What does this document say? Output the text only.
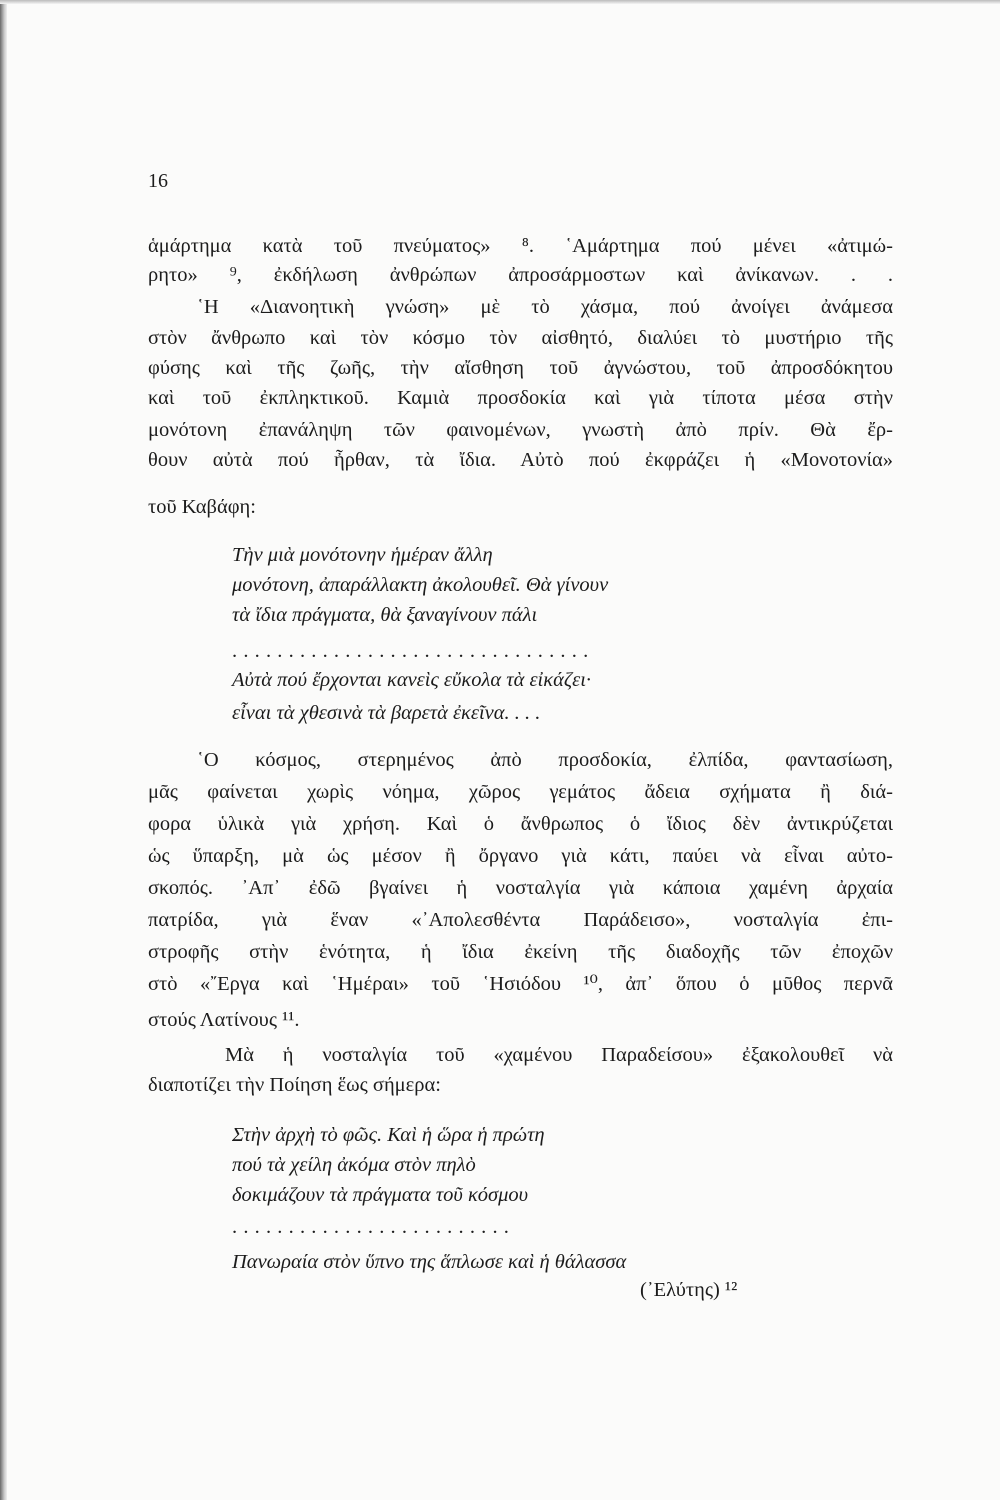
16
ἁμάρτημα κατὰ τοῦ πνεύματος» ⁸. ῾Αμάρτημα πού μένει «ἀτιμώ-
ρητο» ⁹, ἐκδήλωση ἀνθρώπων ἀπροσάρμοστων καὶ ἀνίκανων. . .
῾Η «Διανοητικὴ γνώση» μὲ τὸ χάσμα, πού ἀνοίγει ἀνάμεσα
στὸν ἄνθρωπο καὶ τὸν κόσμο τὸν αἰσθητό, διαλύει τὸ μυστήριο τῆς
φύσης καὶ τῆς ζωῆς, τὴν αἴσθηση τοῦ ἀγνώστου, τοῦ ἀπροσδόκητου
καὶ τοῦ ἐκπληκτικοῦ. Καμιὰ προσδοκία καὶ γιὰ τίποτα μέσα στὴν
μονότονη ἐπανάληψη τῶν φαινομένων, γνωστὴ ἀπὸ πρίν. Θὰ ἔρ-
θουν αὐτὰ πού ἦρθαν, τὰ ἴδια. Αὐτὸ πού ἐκφράζει ἡ «Μονοτονία»
τοῦ Καβάφη:
Τὴν μιὰ μονότονην ἡμέραν ἄλλη
μονότονη, ἀπαράλλακτη ἀκολουθεῖ. Θὰ γίνουν
τὰ ἴδια πράγματα, θὰ ξαναγίνουν πάλι
................................
Αὐτὰ πού ἔρχονται κανεὶς εὔκολα τὰ εἰκάζει·
εἶναι τὰ χθεσινὰ τὰ βαρετὰ ἐκεῖνα. . . .
῾Ο κόσμος, στερημένος ἀπὸ προσδοκία, ἐλπίδα, φαντασίωση,
μᾶς φαίνεται χωρὶς νόημα, χῶρος γεμάτος ἄδεια σχήματα ἢ διά-
φορα ὑλικὰ γιὰ χρήση. Καὶ ὁ ἄνθρωπος ὁ ἴδιος δὲν ἀντικρύζεται
ὡς ὕπαρξη, μὰ ὡς μέσον ἢ ὄργανο γιὰ κάτι, παύει νὰ εἶναι αὐτο-
σκοπός. ᾿Απ᾿ ἐδῶ βγαίνει ἡ νοσταλγία γιὰ κάποια χαμένη ἀρχαία
πατρίδα, γιὰ ἕναν «᾿Απολεσθέντα Παράδεισο», νοσταλγία ἐπι-
στροφῆς στὴν ἑνότητα, ἡ ἴδια ἐκείνη τῆς διαδοχῆς τῶν ἐποχῶν
στὸ «῎Εργα καὶ ῾Ημέραι» τοῦ ῾Ησιόδου ¹⁰, ἀπ᾿ ὅπου ὁ μῦθος περνᾶ
στούς Λατίνους ¹¹.
Μὰ ἡ νοσταλγία τοῦ «χαμένου Παραδείσου» ἐξακολουθεῖ νὰ
διαποτίζει τὴν Ποίηση ἕως σήμερα:
Στὴν ἀρχὴ τὸ φῶς. Καὶ ἡ ὥρα ἡ πρώτη
πού τὰ χείλη ἀκόμα στὸν πηλὸ
δοκιμάζουν τὰ πράγματα τοῦ κόσμου
.........................
Πανωραία στὸν ὕπνο της ἅπλωσε καὶ ἡ θάλασσα
(᾿Ελύτης) ¹²
